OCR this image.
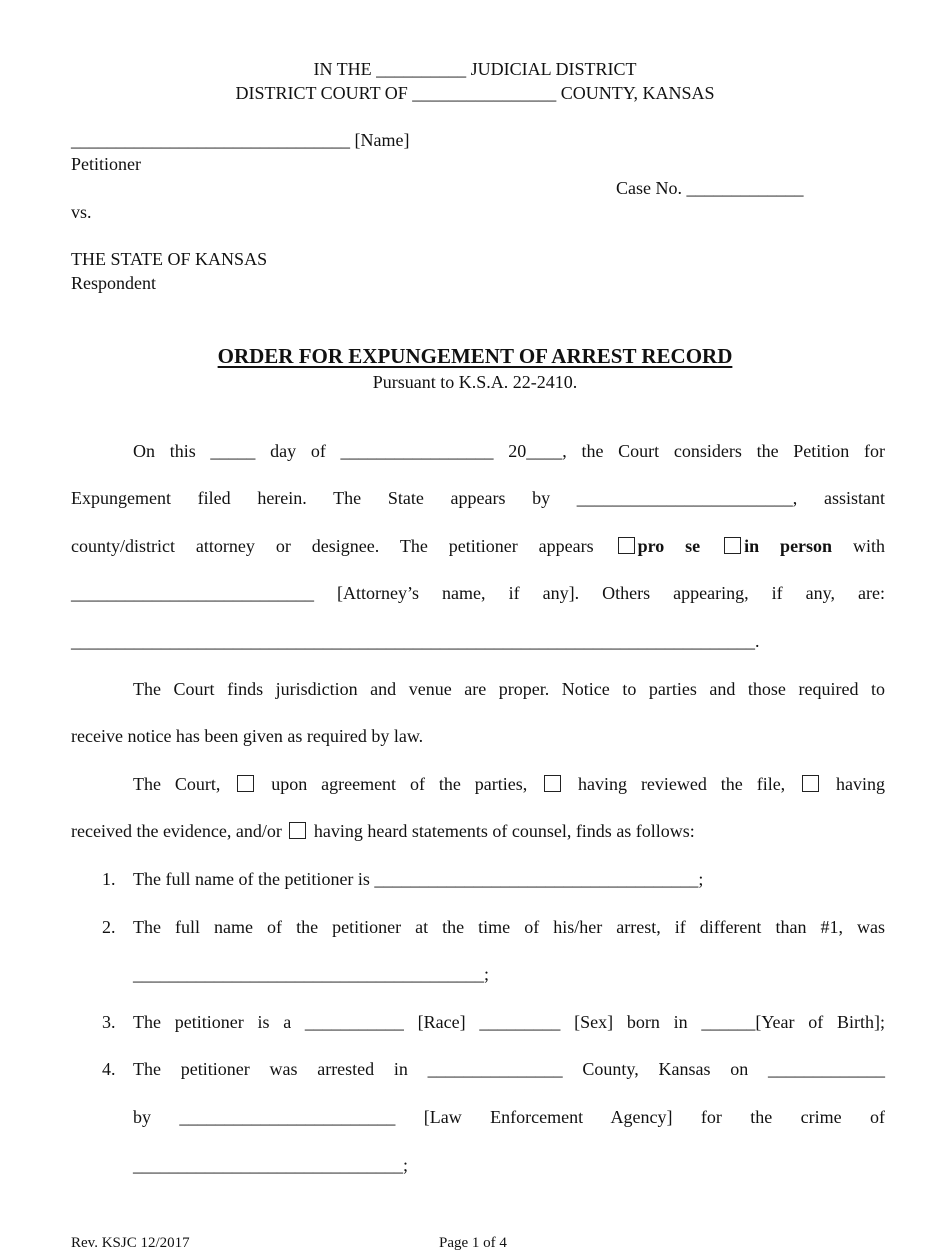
IN THE __________ JUDICIAL DISTRICT
DISTRICT COURT OF ________________ COUNTY, KANSAS
_______________________________ [Name]
Petitioner
Case No. _____________
vs.
THE STATE OF KANSAS
Respondent
ORDER FOR EXPUNGEMENT OF ARREST RECORD
Pursuant to K.S.A. 22-2410.
On this _____ day of _________________ 20____, the Court considers the Petition for
Expungement filed herein. The State appears by ________________________, assistant
county/district attorney or designee. The petitioner appears pro se in person with
___________________________ [Attorney’s name, if any]. Others appearing, if any, are:
____________________________________________________________________________.
The Court finds jurisdiction and venue are proper. Notice to parties and those required to
receive notice has been given as required by law.
The Court,	upon agreement of the parties,	having reviewed the file,	having
received the evidence, and/or having heard statements of counsel, finds as follows:
1. The full name of the petitioner is ____________________________________;
2. The full name of the petitioner at the time of his/her arrest, if different than #1, was
_______________________________________;
3. The petitioner is a ___________ [Race] _________ [Sex] born in ______[Year of Birth];
4. The petitioner was arrested in _______________ County, Kansas on _____________
by ________________________ [Law Enforcement Agency] for the crime of
______________________________;
Rev. KSJC 12/2017	Page 1 of 4
